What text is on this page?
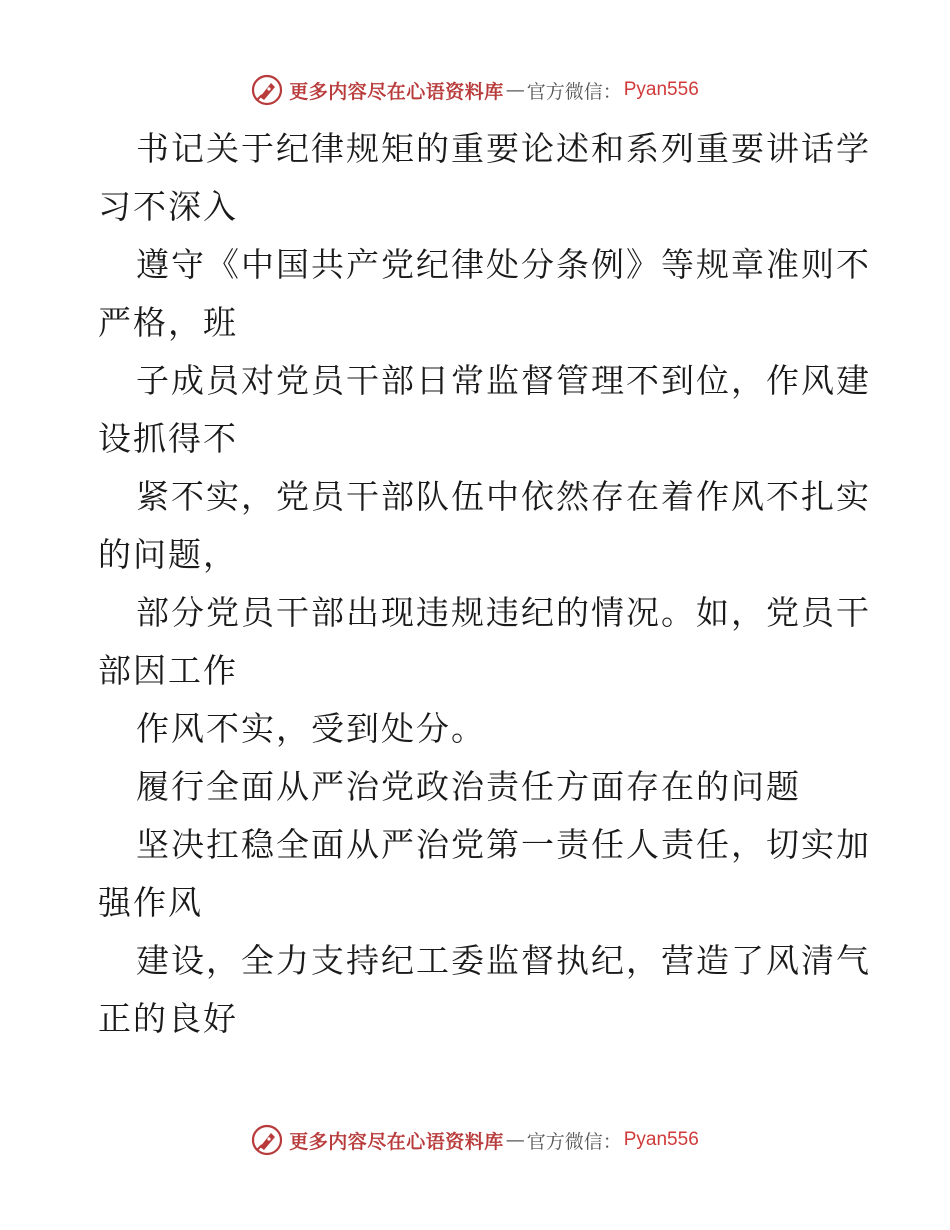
更多内容尽在心语资料库 — 官方微信： Pyan556
书记关于纪律规矩的重要论述和系列重要讲话学
习不深入
遵守《中国共产党纪律处分条例》等规章准则不
严格，班
子成员对党员干部日常监督管理不到位，作风建
设抓得不
紧不实，党员干部队伍中依然存在着作风不扎实
的问题，
部分党员干部出现违规违纪的情况。如，党员干
部因工作
作风不实，受到处分。
履行全面从严治党政治责任方面存在的问题
坚决扛稳全面从严治党第一责任人责任，切实加
强作风
建设，全力支持纪工委监督执纪，营造了风清气
正的良好
更多内容尽在心语资料库 — 官方微信： Pyan556
